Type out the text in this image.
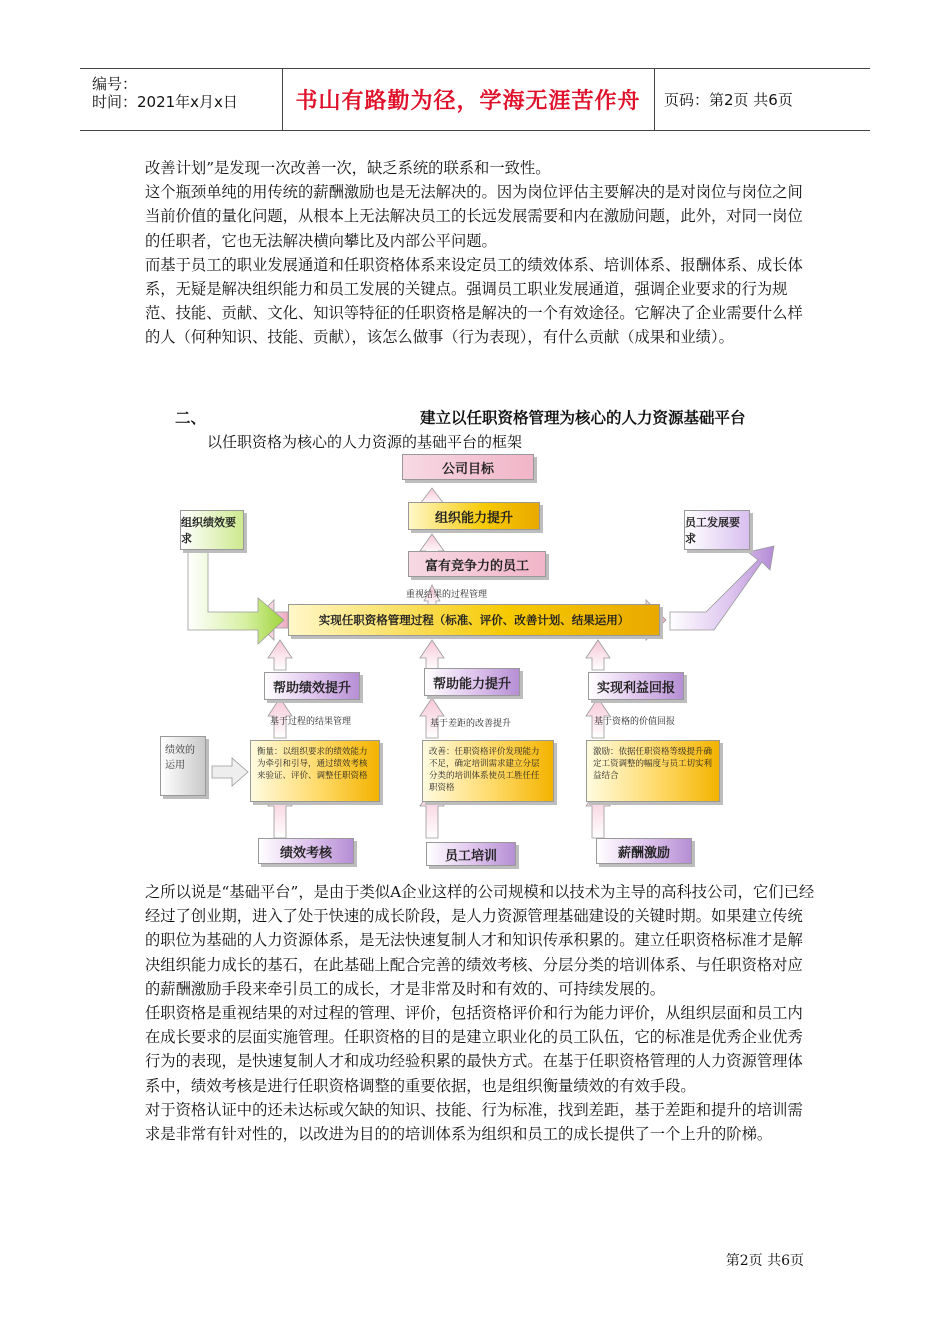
编号：
时间：2021年x月x日	书山有路勤为径，学海无涯苦作舟	页码：第2页 共6页

改善计划”是发现一次改善一次，缺乏系统的联系和一致性。

这个瓶颈单纯的用传统的薪酬激励也是无法解决的。因为岗位评估主要解决的是对岗位与岗位之间当前价值的量化问题，从根本上无法解决员工的长远发展需要和内在激励问题，此外，对同一岗位的任职者，它也无法解决横向攀比及内部公平问题。

而基于员工的职业发展通道和任职资格体系来设定员工的绩效体系、培训体系、报酬体系、成长体系，无疑是解决组织能力和员工发展的关键点。强调员工职业发展通道，强调企业要求的行为规范、技能、贡献、文化、知识等特征的任职资格是解决的一个有效途径。它解决了企业需要什么样的人（何种知识、技能、贡献），该怎么做事（行为表现），有什么贡献（成果和业绩）。

二、	建立以任职资格管理为核心的人力资源基础平台
以任职资格为核心的人力资源的基础平台的框架
公司目标
组织能力提升
富有竞争力的员工
重视结果的过程管理
实现任职资格管理过程（标准、评价、改善计划、结果运用）
组织绩效要求
员工发展要求
帮助绩效提升	帮助能力提升	实现利益回报
基于过程的结果管理	基于差距的改善提升	基于资格的价值回报
衡量：以组织要求的绩效能力为牵引和引导，通过绩效考核来验证、评价、调整任职资格
改善：任职资格评价发现能力不足，确定培训需求建立分层分类的培训体系使员工胜任任职资格
激励：依据任职资格等级提升确定工资调整的幅度与员工切实利益结合
绩效的运用
绩效考核	员工培训	薪酬激励

之所以说是“基础平台”，是由于类似A企业这样的公司规模和以技术为主导的高科技公司，它们已经经过了创业期，进入了处于快速的成长阶段，是人力资源管理基础建设的关键时期。如果建立传统的职位为基础的人力资源体系，是无法快速复制人才和知识传承积累的。建立任职资格标准才是解决组织能力成长的基石，在此基础上配合完善的绩效考核、分层分类的培训体系、与任职资格对应的薪酬激励手段来牵引员工的成长，才是非常及时和有效的、可持续发展的。

任职资格是重视结果的对过程的管理、评价，包括资格评价和行为能力评价，从组织层面和员工内在成长要求的层面实施管理。任职资格的目的是建立职业化的员工队伍，它的标准是优秀企业优秀行为的表现，是快速复制人才和成功经验积累的最快方式。在基于任职资格管理的人力资源管理体系中，绩效考核是进行任职资格调整的重要依据，也是组织衡量绩效的有效手段。

对于资格认证中的还未达标或欠缺的知识、技能、行为标准，找到差距，基于差距和提升的培训需求是非常有针对性的，以改进为目的的培训体系为组织和员工的成长提供了一个上升的阶梯。

第2页 共6页
